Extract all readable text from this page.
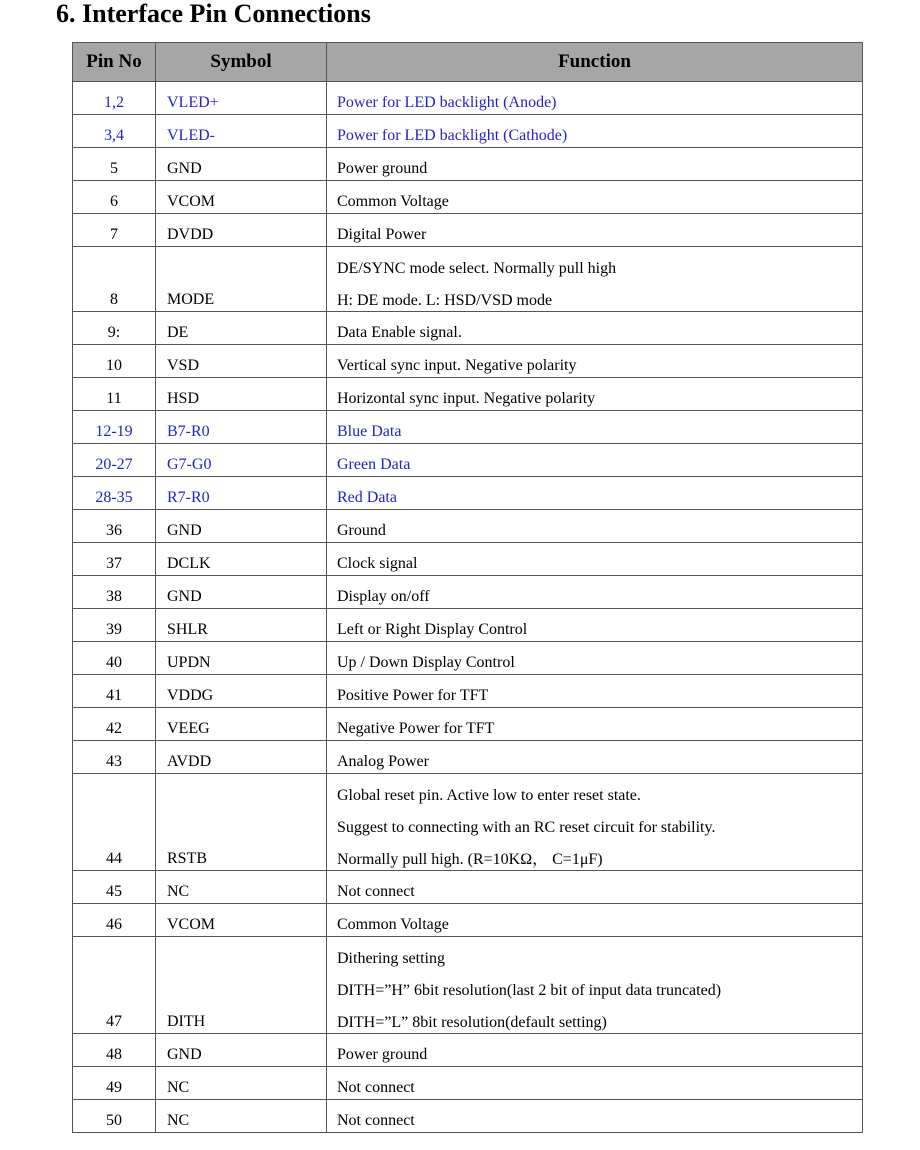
6. Interface Pin Connections
Pin No	Symbol	Function

1,2	VLED+	Power for LED backlight (Anode)

3,4	VLED-	Power for LED backlight (Cathode)

5	GND	Power ground

6	VCOM	Common Voltage

7	DVDD	Digital Power

8	MODE	DE/SYNC mode select. Normally pull high
H: DE mode. L: HSD/VSD mode

9:	DE	Data Enable signal.

10	VSD	Vertical sync input. Negative polarity

11	HSD	Horizontal sync input. Negative polarity

12-19	B7-R0	Blue Data

20-27	G7-G0	Green Data

28-35	R7-R0	Red Data

36	GND	Ground

37	DCLK	Clock signal

38	GND	Display on/off

39	SHLR	Left or Right Display Control

40	UPDN	Up / Down Display Control

41	VDDG	Positive Power for TFT

42	VEEG	Negative Power for TFT

43	AVDD	Analog Power

44	RSTB	Global reset pin. Active low to enter reset state.
Suggest to connecting with an RC reset circuit for stability.
Normally pull high. (R=10KΩ， C=1μF)

45	NC	Not connect

46	VCOM	Common Voltage

47	DITH	Dithering setting
DITH=”H” 6bit resolution(last 2 bit of input data truncated)
DITH=”L” 8bit resolution(default setting)

48	GND	Power ground

49	NC	Not connect

50	NC	Not connect
